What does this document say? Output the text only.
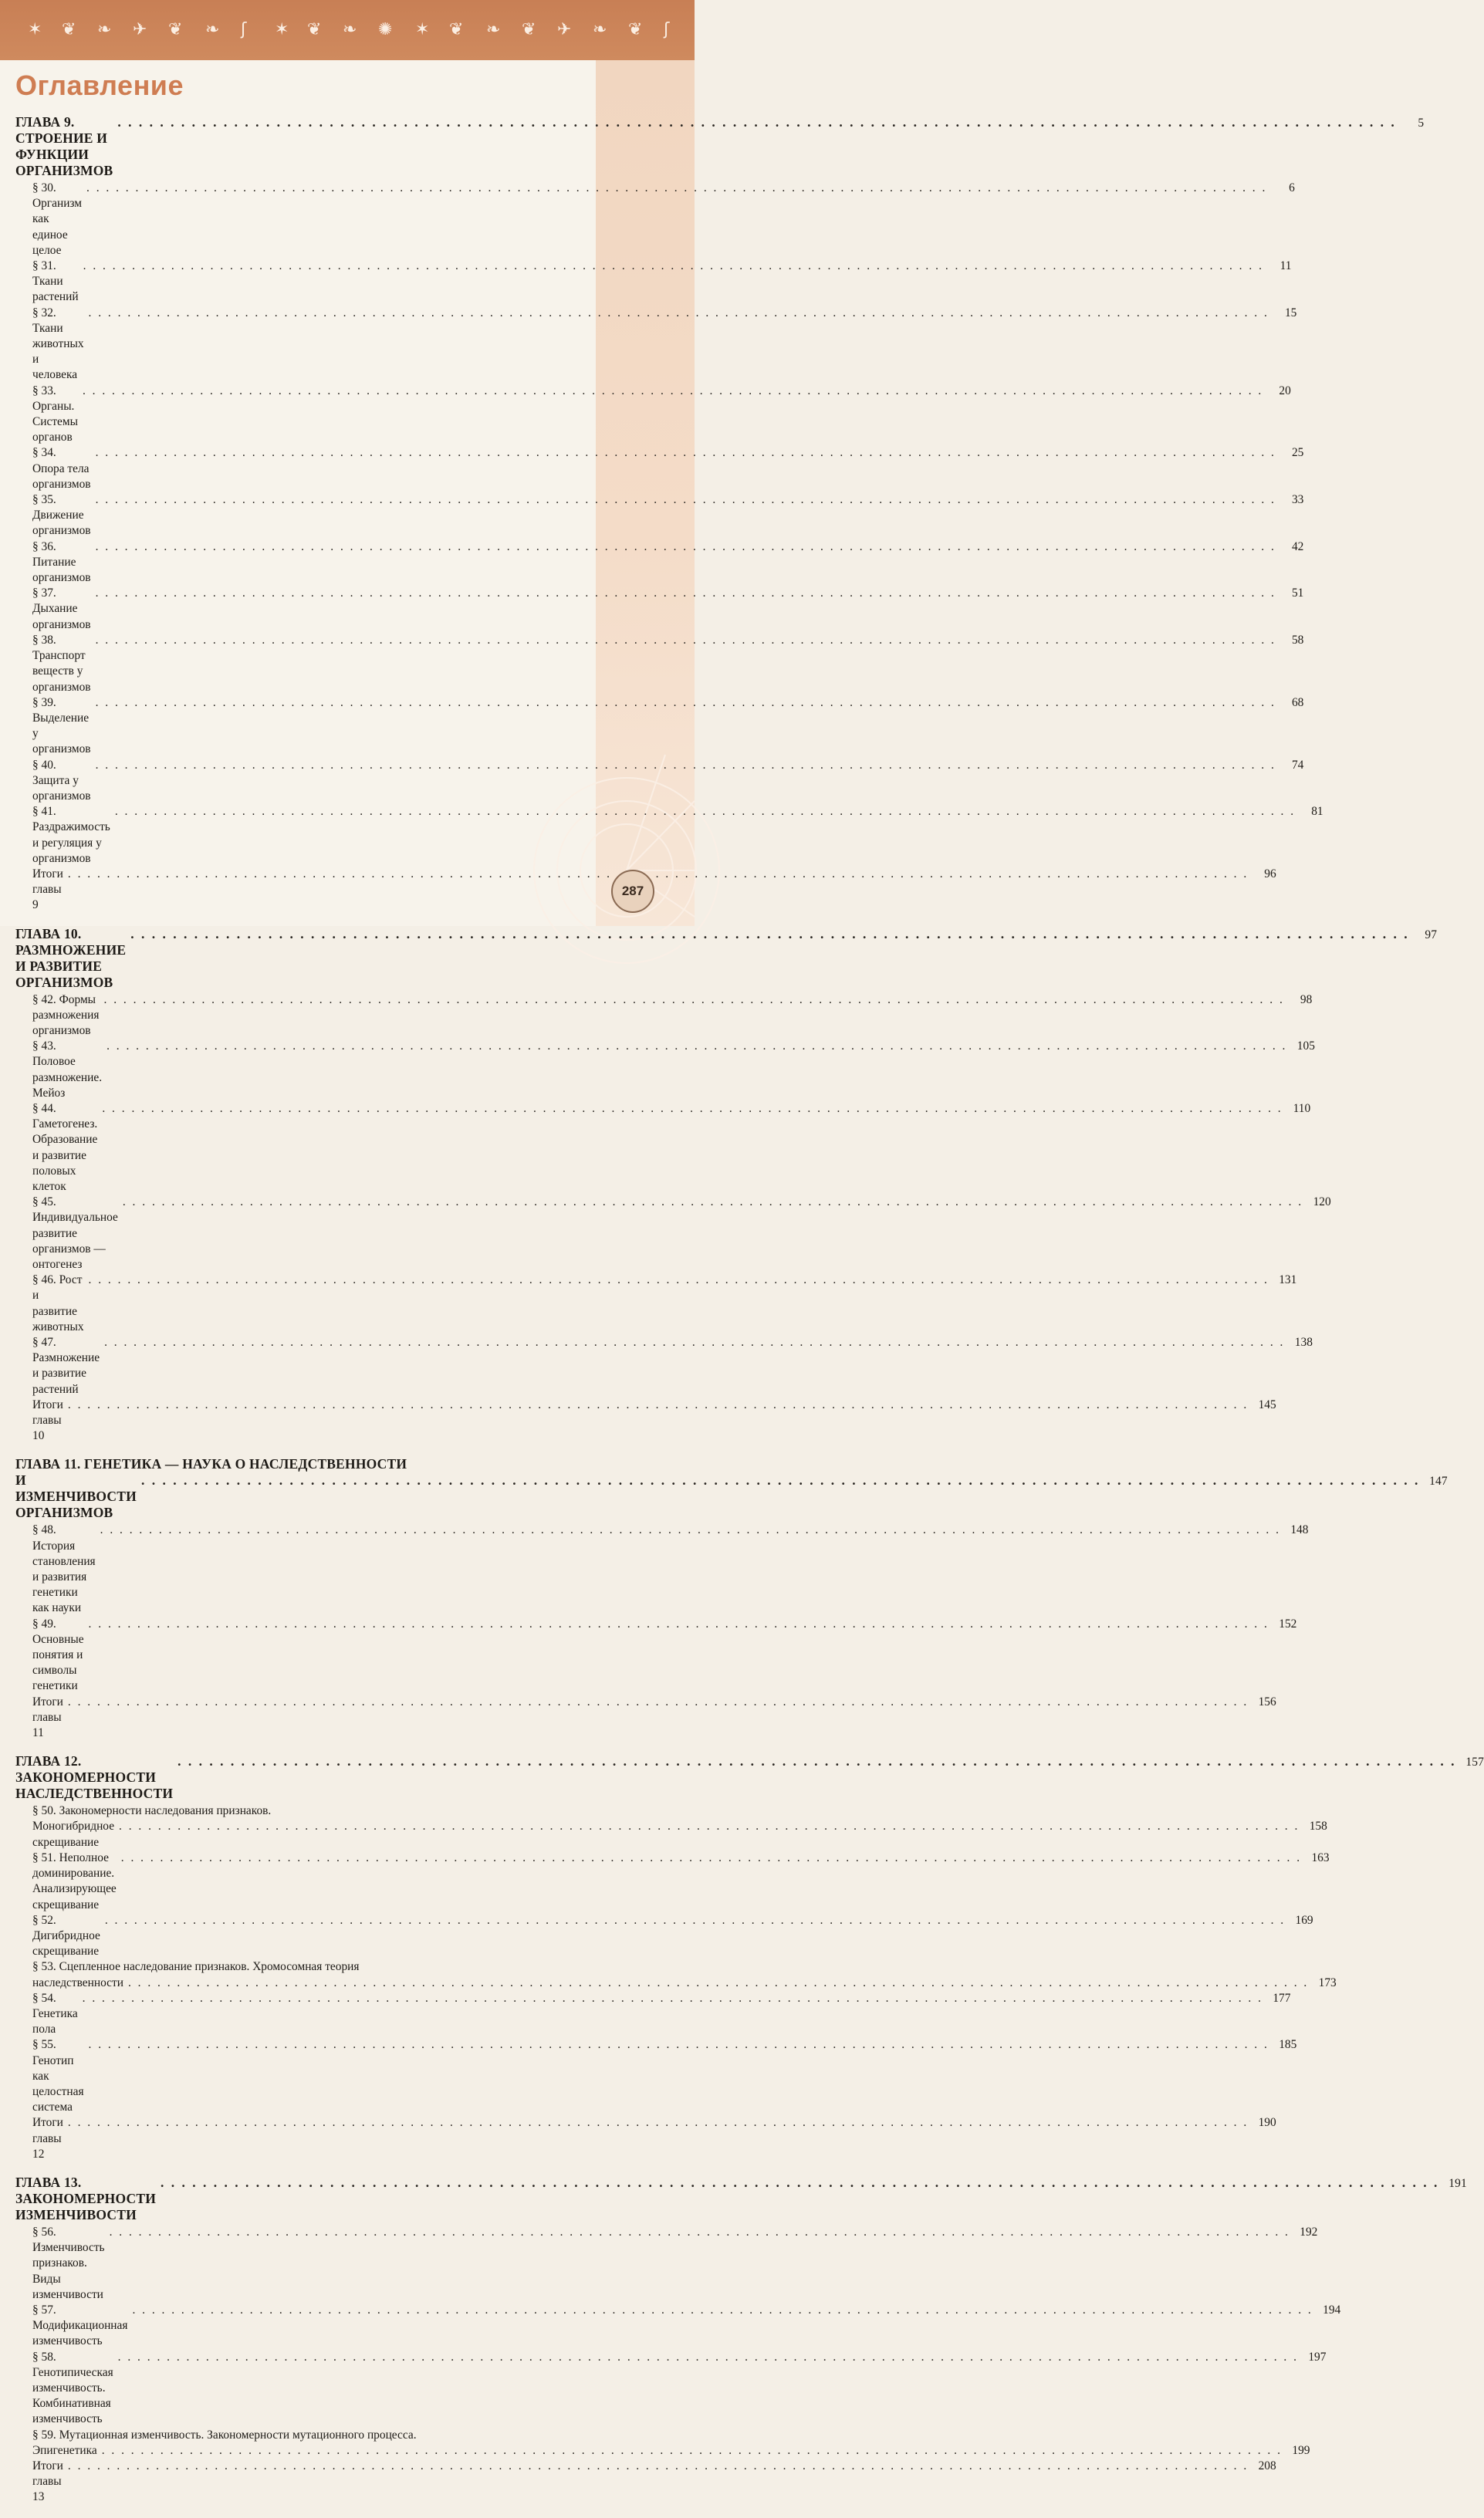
✶ ❦ ❧ ✈ ❦ ❧ ʃ ✶ ❦ ❧ ✺ ✶ ❦ ❧ ❦ ✈ ❧ ❦ ʃ
Оглавление
ГЛАВА 9. СТРОЕНИЕ И ФУНКЦИИ ОРГАНИЗМОВ
. . .
5
§ 30. Организм как единое целое
. . .
6
§ 31. Ткани растений
. . .
11
§ 32. Ткани животных и человека
. . .
15
§ 33. Органы. Системы органов
. . .
20
§ 34. Опора тела организмов
. . .
25
§ 35. Движение организмов
. . .
33
§ 36. Питание организмов
. . .
42
§ 37. Дыхание организмов
. . .
51
§ 38. Транспорт веществ у организмов
. . .
58
§ 39. Выделение у организмов
. . .
68
§ 40. Защита у организмов
. . .
74
§ 41. Раздражимость и регуляция у организмов
. . .
81
Итоги главы 9
. . .
96
ГЛАВА 10. РАЗМНОЖЕНИЕ И РАЗВИТИЕ ОРГАНИЗМОВ
. . .
97
§ 42. Формы размножения организмов
. . .
98
§ 43. Половое размножение. Мейоз
. . .
105
§ 44. Гаметогенез. Образование и развитие половых клеток
. . .
110
§ 45. Индивидуальное развитие организмов — онтогенез
. . .
120
§ 46. Рост и развитие животных
. . .
131
§ 47. Размножение и развитие растений
. . .
138
Итоги главы 10
. . .
145
ГЛАВА 11. ГЕНЕТИКА — НАУКА О НАСЛЕДСТВЕННОСТИ
И ИЗМЕНЧИВОСТИ ОРГАНИЗМОВ
. . .
147
§ 48. История становления и развития генетики как науки
. . .
148
§ 49. Основные понятия и символы генетики
. . .
152
Итоги главы 11
. . .
156
ГЛАВА 12. ЗАКОНОМЕРНОСТИ НАСЛЕДСТВЕННОСТИ
. . .
157
§ 50. Закономерности наследования признаков.
Моногибридное скрещивание
. . .
158
§ 51. Неполное доминирование. Анализирующее скрещивание
. . .
163
§ 52. Дигибридное скрещивание
. . .
169
§ 53. Сцепленное наследование признаков. Хромосомная теория
наследственности . . .	173
§ 54. Генетика пола
. . .
177
§ 55. Генотип как целостная система
. . .
185
Итоги главы 12
. . .
190
ГЛАВА 13. ЗАКОНОМЕРНОСТИ ИЗМЕНЧИВОСТИ
. . .
191
§ 56. Изменчивость признаков. Виды изменчивости
. . .
192
§ 57. Модификационная изменчивость
. . .
194
§ 58. Генотипическая изменчивость. Комбинативная изменчивость
. . .
197
§ 59. Мутационная изменчивость. Закономерности мутационного процесса.
Эпигенетика . . .	199
Итоги главы 13
. . .
208
287
